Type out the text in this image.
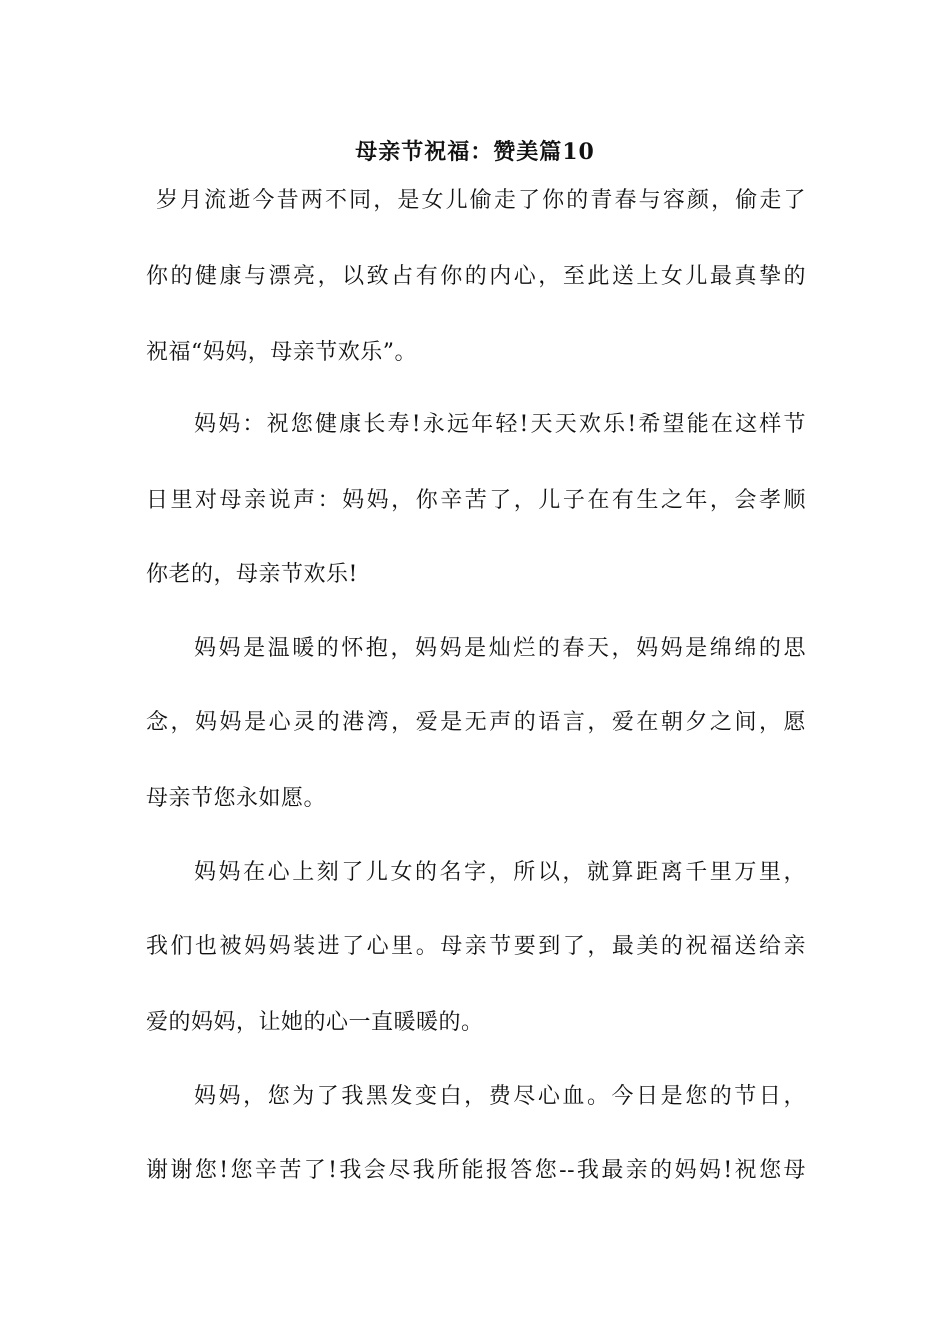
母亲节祝福：赞美篇10
岁月流逝今昔两不同，是女儿偷走了你的青春与容颜，偷走了
你的健康与漂亮，以致占有你的内心，至此送上女儿最真挚的
祝福“妈妈，母亲节欢乐”。
妈妈：祝您健康长寿!永远年轻!天天欢乐!希望能在这样节
日里对母亲说声：妈妈，你辛苦了，儿子在有生之年，会孝顺
你老的，母亲节欢乐!
妈妈是温暖的怀抱，妈妈是灿烂的春天，妈妈是绵绵的思
念，妈妈是心灵的港湾，爱是无声的语言，爱在朝夕之间，愿
母亲节您永如愿。
妈妈在心上刻了儿女的名字，所以，就算距离千里万里，
我们也被妈妈装进了心里。母亲节要到了，最美的祝福送给亲
爱的妈妈，让她的心一直暖暖的。
妈妈，您为了我黑发变白，费尽心血。今日是您的节日，
谢谢您!您辛苦了!我会尽我所能报答您--我最亲的妈妈!祝您母
